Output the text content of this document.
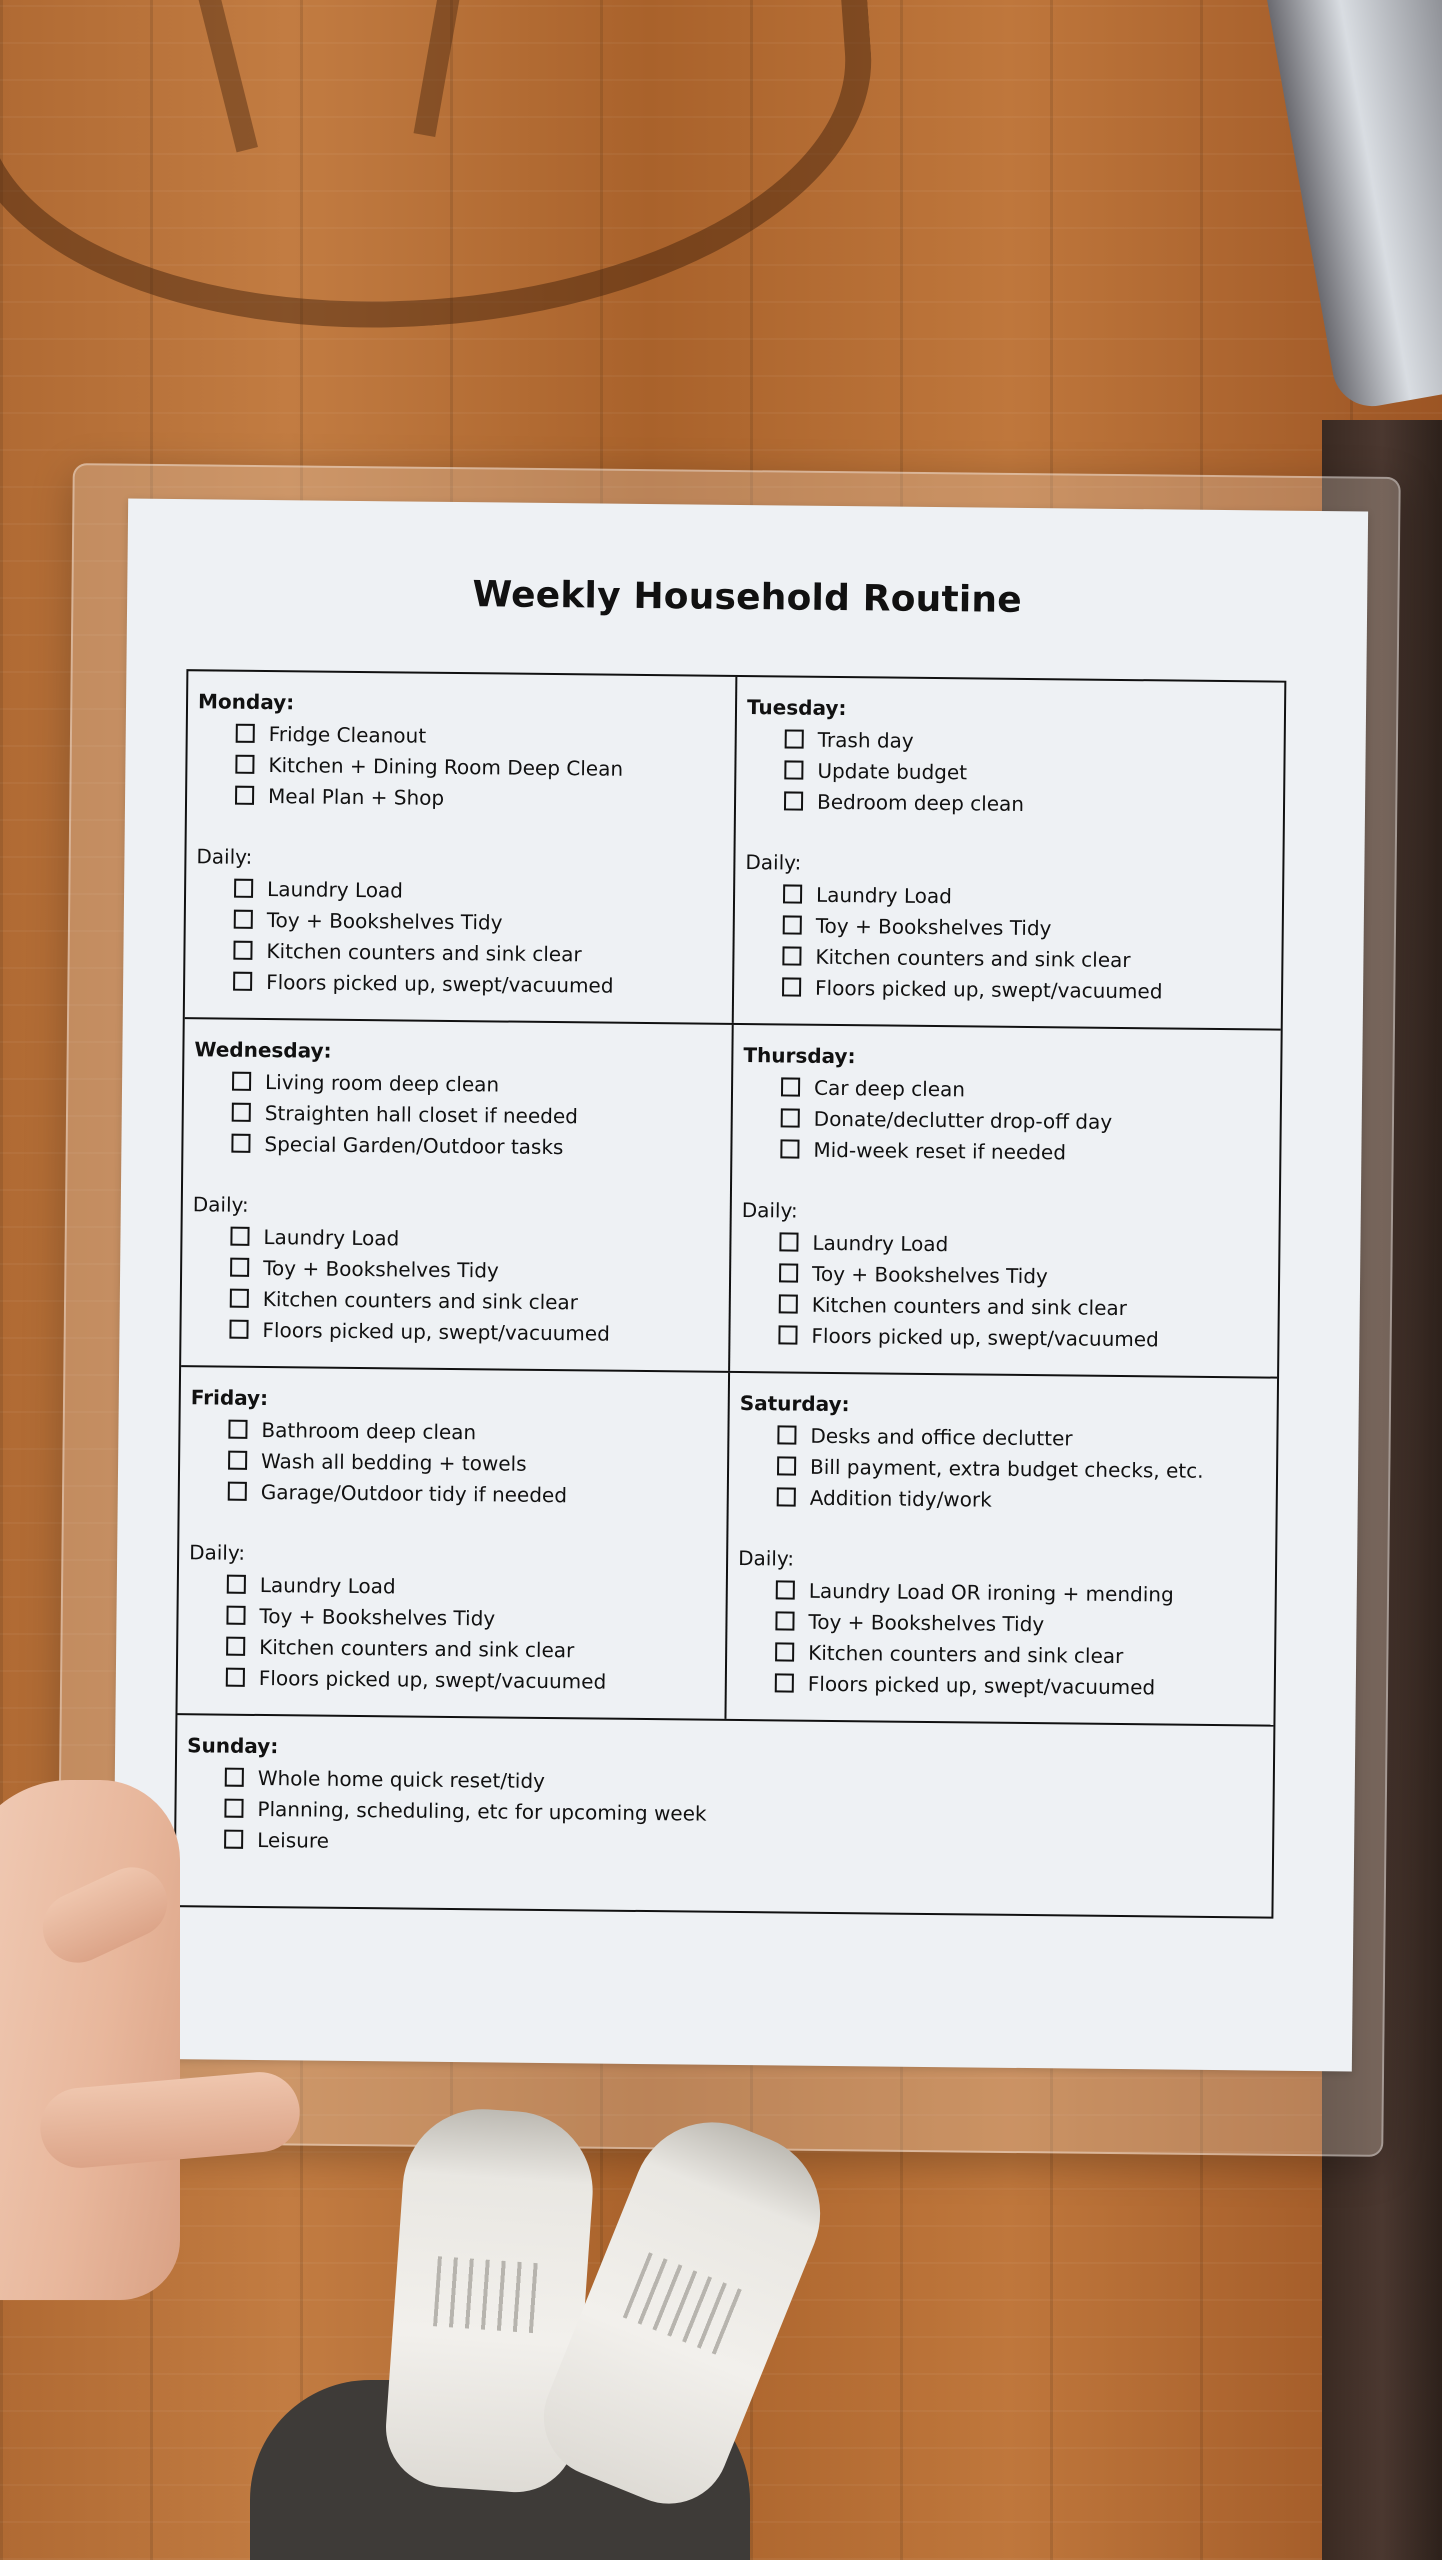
Weekly Household Routine
Monday:
Fridge Cleanout
Kitchen + Dining Room Deep Clean
Meal Plan + Shop
Daily:
Laundry Load
Toy + Bookshelves Tidy
Kitchen counters and sink clear
Floors picked up, swept/vacuumed
Tuesday:
Trash day
Update budget
Bedroom deep clean
Daily:
Laundry Load
Toy + Bookshelves Tidy
Kitchen counters and sink clear
Floors picked up, swept/vacuumed
Wednesday:
Living room deep clean
Straighten hall closet if needed
Special Garden/Outdoor tasks
Daily:
Laundry Load
Toy + Bookshelves Tidy
Kitchen counters and sink clear
Floors picked up, swept/vacuumed
Thursday:
Car deep clean
Donate/declutter drop-off day
Mid-week reset if needed
Daily:
Laundry Load
Toy + Bookshelves Tidy
Kitchen counters and sink clear
Floors picked up, swept/vacuumed
Friday:
Bathroom deep clean
Wash all bedding + towels
Garage/Outdoor tidy if needed
Daily:
Laundry Load
Toy + Bookshelves Tidy
Kitchen counters and sink clear
Floors picked up, swept/vacuumed
Saturday:
Desks and office declutter
Bill payment, extra budget checks, etc.
Addition tidy/work
Daily:
Laundry Load OR ironing + mending
Toy + Bookshelves Tidy
Kitchen counters and sink clear
Floors picked up, swept/vacuumed
Sunday:
Whole home quick reset/tidy
Planning, scheduling, etc for upcoming week
Leisure
